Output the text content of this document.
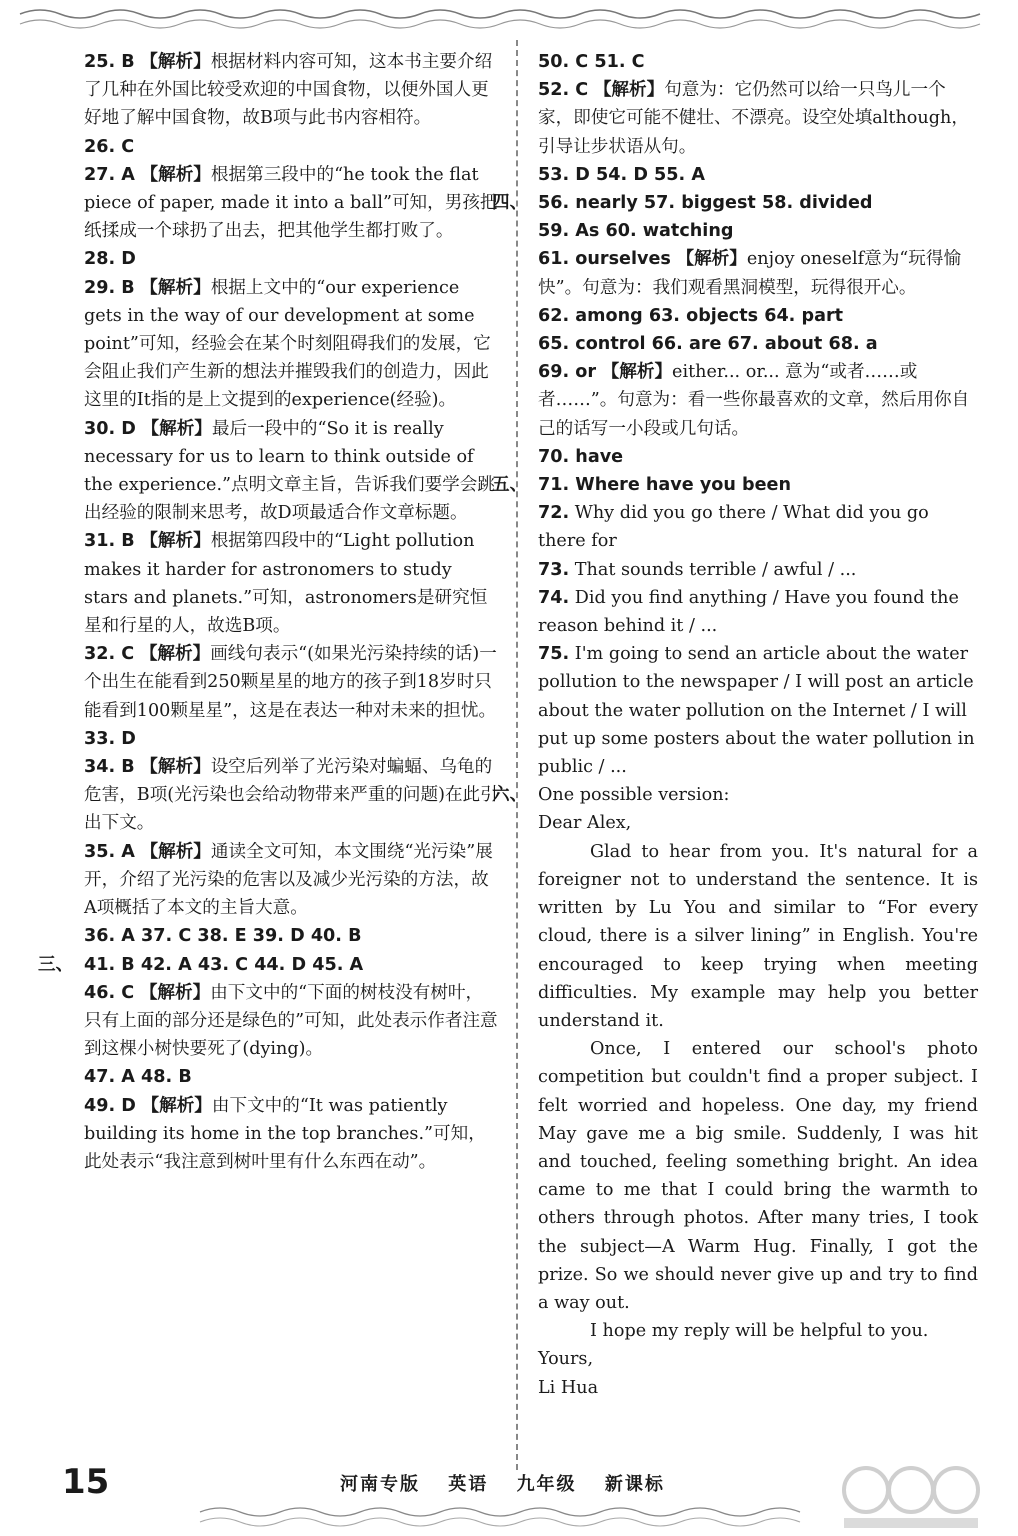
25. B 【解析】根据材料内容可知，这本书主要介绍了几种在外国比较受欢迎的中国食物，以便外国人更好地了解中国食物，故B项与此书内容相符。

26. C

27. A 【解析】根据第三段中的“he took the flat piece of paper, made it into a ball”可知，男孩把纸揉成一个球扔了出去，把其他学生都打败了。

28. D

29. B 【解析】根据上文中的“our experience gets in the way of our development at some point”可知，经验会在某个时刻阻碍我们的发展，它会阻止我们产生新的想法并摧毁我们的创造力，因此这里的It指的是上文提到的experience(经验)。

30. D 【解析】最后一段中的“So it is really necessary for us to learn to think outside of the experience.”点明文章主旨，告诉我们要学会跳出经验的限制来思考，故D项最适合作文章标题。

31. B 【解析】根据第四段中的“Light pollution makes it harder for astronomers to study stars and planets.”可知，astronomers是研究恒星和行星的人，故选B项。

32. C 【解析】画线句表示“(如果光污染持续的话)一个出生在能看到250颗星星的地方的孩子到18岁时只能看到100颗星星”，这是在表达一种对未来的担忧。

33. D

34. B 【解析】设空后列举了光污染对蝙蝠、乌龟的危害，B项(光污染也会给动物带来严重的问题)在此引出下文。

35. A 【解析】通读全文可知，本文围绕“光污染”展开，介绍了光污染的危害以及减少光污染的方法，故A项概括了本文的主旨大意。

36. A 37. C 38. E 39. D 40. B

三、 41. B 42. A 43. C 44. D 45. A

46. C 【解析】由下文中的“下面的树枝没有树叶，只有上面的部分还是绿色的”可知，此处表示作者注意到这棵小树快要死了(dying)。

47. A 48. B

49. D 【解析】由下文中的“It was patiently building its home in the top branches.”可知，此处表示“我注意到树叶里有什么东西在动”。

50. C 51. C

52. C 【解析】句意为：它仍然可以给一只鸟儿一个家，即使它可能不健壮、不漂亮。设空处填although，引导让步状语从句。

53. D 54. D 55. A

四、 56. nearly 57. biggest 58. divided

59. As 60. watching

61. ourselves 【解析】enjoy oneself意为“玩得愉快”。句意为：我们观看黑洞模型，玩得很开心。

62. among 63. objects 64. part

65. control 66. are 67. about 68. a

69. or 【解析】either... or... 意为“或者……或者……”。句意为：看一些你最喜欢的文章，然后用你自己的话写一小段或几句话。

70. have

五、 71. Where have you been

72. Why did you go there / What did you go there for

73. That sounds terrible / awful / ...

74. Did you find anything / Have you found the reason behind it / ...

75. I'm going to send an article about the water pollution to the newspaper / I will post an article about the water pollution on the Internet / I will put up some posters about the water pollution in public / ...

六、 One possible version:

Dear Alex,

Glad to hear from you. It's natural for a foreigner not to understand the sentence. It is written by Lu You and similar to “For every cloud, there is a silver lining” in English. You're encouraged to keep trying when meeting difficulties. My example may help you better understand it.

Once, I entered our school's photo competition but couldn't find a proper subject. I felt worried and hopeless. One day, my friend May gave me a big smile. Suddenly, I was hit and touched, feeling something bright. An idea came to me that I could bring the warmth to others through photos. After many tries, I took the subject—A Warm Hug. Finally, I got the prize. So we should never give up and try to find a way out.

I hope my reply will be helpful to you.

Yours,

Li Hua

15	河南专版 英语 九年级 新课标
